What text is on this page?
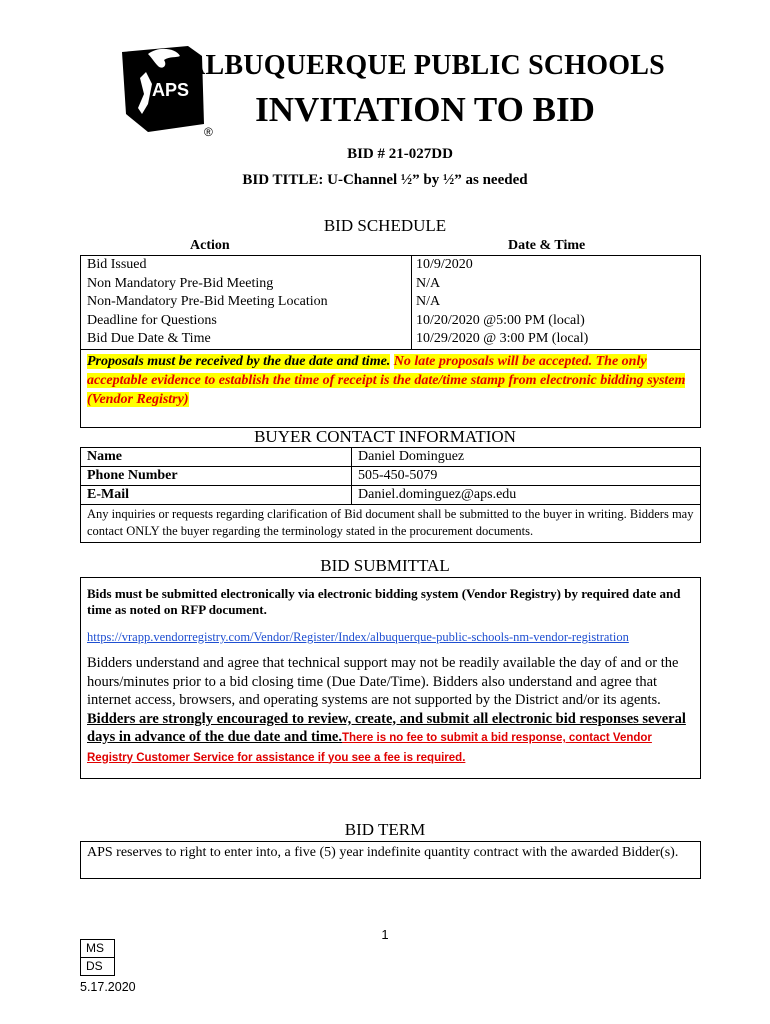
APS
®
ALBUQUERQUE PUBLIC SCHOOLS
INVITATION TO BID
BID # 21-027DD
BID TITLE: U-Channel ½” by ½” as needed
BID SCHEDULE
Action	Date & Time
Bid Issued	10/9/2020
Non Mandatory Pre-Bid Meeting	N/A
Non-Mandatory Pre-Bid Meeting Location	N/A
Deadline for Questions	10/20/2020 @5:00 PM (local)
Bid Due Date & Time	10/29/2020 @ 3:00 PM (local)
Proposals must be received by the due date and time. No late proposals will be accepted. The only acceptable evidence to establish the time of receipt is the date/time stamp from electronic bidding system (Vendor Registry)
BUYER CONTACT INFORMATION
Name	Daniel Dominguez
Phone Number	505-450-5079
E-Mail	Daniel.dominguez@aps.edu
Any inquiries or requests regarding clarification of Bid document shall be submitted to the buyer in writing. Bidders may contact ONLY the buyer regarding the terminology stated in the procurement documents.
BID SUBMITTAL
Bids must be submitted electronically via electronic bidding system (Vendor Registry) by required date and time as noted on RFP document.
https://vrapp.vendorregistry.com/Vendor/Register/Index/albuquerque-public-schools-nm-vendor-registration
Bidders understand and agree that technical support may not be readily available the day of and or the hours/minutes prior to a bid closing time (Due Date/Time). Bidders also understand and agree that internet access, browsers, and operating systems are not supported by the District and/or its agents. Bidders are strongly encouraged to review, create, and submit all electronic bid responses several days in advance of the due date and time.There is no fee to submit a bid response, contact Vendor Registry Customer Service for assistance if you see a fee is required.
BID TERM
APS reserves to right to enter into, a five (5) year indefinite quantity contract with the awarded Bidder(s).
1
MS
DS
5.17.2020
